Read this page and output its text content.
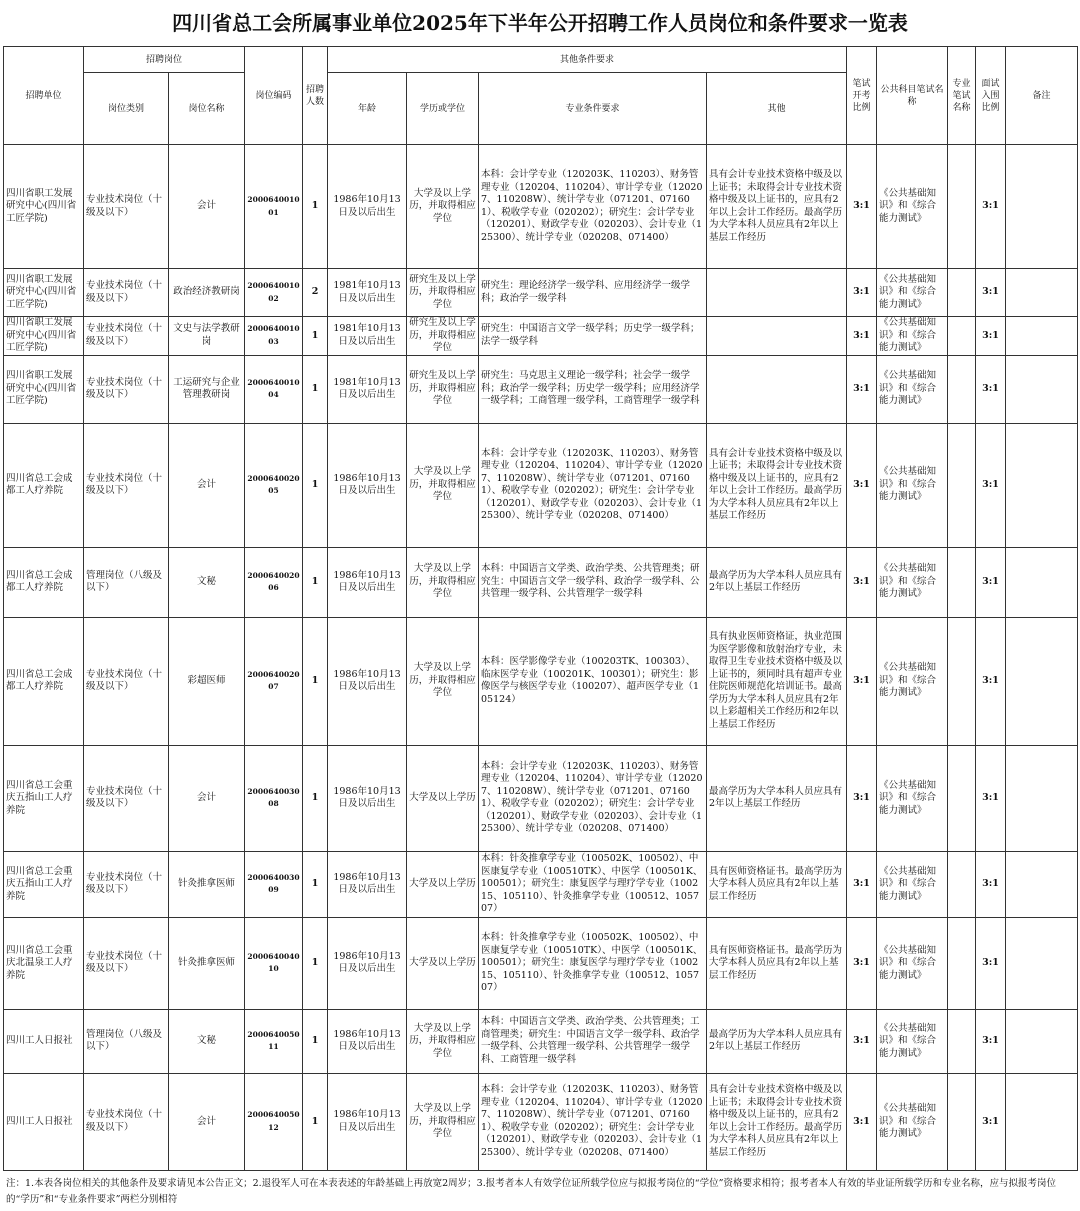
四川省总工会所属事业单位2025年下半年公开招聘工作人员岗位和条件要求一览表
招聘单位	招聘岗位		岗位编码	招聘人数	其他条件要求				笔试开考比例	公共科目笔试名称	专业笔试名称	面试入围比例	备注
	岗位类别	岗位名称			年龄	学历或学位	专业条件要求	其他					
四川省职工发展研究中心(四川省工匠学院)	专业技术岗位（十级及以下）	会计	200064001001	1	1986年10月13日及以后出生	大学及以上学历，并取得相应学位	本科：会计学专业（120203K、110203）、财务管理专业（120204、110204）、审计学专业（120207、110208W）、统计学专业（071201、071601）、税收学专业（020202）；研究生：会计学专业（120201）、财政学专业（020203）、会计专业（125300）、统计学专业（020208、071400）	具有会计专业技术资格中级及以上证书；未取得会计专业技术资格中级及以上证书的，应具有2年以上会计工作经历。最高学历为大学本科人员应具有2年以上基层工作经历	3:1	《公共基础知识》和《综合能力测试》		3:1	
四川省职工发展研究中心(四川省工匠学院)	专业技术岗位（十级及以下）	政治经济教研岗	200064001002	2	1981年10月13日及以后出生	研究生及以上学历，并取得相应学位	研究生：理论经济学一级学科、应用经济学一级学科；政治学一级学科		3:1	《公共基础知识》和《综合能力测试》		3:1	
四川省职工发展研究中心(四川省工匠学院)	专业技术岗位（十级及以下）	文史与法学教研岗	200064001003	1	1981年10月13日及以后出生	研究生及以上学历，并取得相应学位	研究生：中国语言文学一级学科；历史学一级学科；法学一级学科		3:1	《公共基础知识》和《综合能力测试》		3:1	
四川省职工发展研究中心(四川省工匠学院)	专业技术岗位（十级及以下）	工运研究与企业管理教研岗	200064001004	1	1981年10月13日及以后出生	研究生及以上学历，并取得相应学位	研究生：马克思主义理论一级学科；社会学一级学科；政治学一级学科；历史学一级学科；应用经济学一级学科；工商管理一级学科，工商管理学一级学科		3:1	《公共基础知识》和《综合能力测试》		3:1	
四川省总工会成都工人疗养院	专业技术岗位（十级及以下）	会计	200064002005	1	1986年10月13日及以后出生	大学及以上学历，并取得相应学位	本科：会计学专业（120203K、110203）、财务管理专业（120204、110204）、审计学专业（120207、110208W）、统计学专业（071201、071601）、税收学专业（020202）；研究生：会计学专业（120201）、财政学专业（020203）、会计专业（125300）、统计学专业（020208、071400）	具有会计专业技术资格中级及以上证书；未取得会计专业技术资格中级及以上证书的，应具有2年以上会计工作经历。最高学历为大学本科人员应具有2年以上基层工作经历	3:1	《公共基础知识》和《综合能力测试》		3:1	
四川省总工会成都工人疗养院	管理岗位（八级及以下）	文秘	200064002006	1	1986年10月13日及以后出生	大学及以上学历，并取得相应学位	本科：中国语言文学类、政治学类、公共管理类；研究生：中国语言文学一级学科、政治学一级学科、公共管理一级学科、公共管理学一级学科	最高学历为大学本科人员应具有2年以上基层工作经历	3:1	《公共基础知识》和《综合能力测试》		3:1	
四川省总工会成都工人疗养院	专业技术岗位（十级及以下）	彩超医师	200064002007	1	1986年10月13日及以后出生	大学及以上学历，并取得相应学位	本科：医学影像学专业（100203TK、100303）、临床医学专业（100201K、100301）；研究生：影像医学与核医学专业（100207）、超声医学专业（105124）	具有执业医师资格证，执业范围为医学影像和放射治疗专业，未取得卫生专业技术资格中级及以上证书的，须同时具有超声专业住院医师规范化培训证书。最高学历为大学本科人员应具有2年以上彩超相关工作经历和2年以上基层工作经历	3:1	《公共基础知识》和《综合能力测试》		3:1	
四川省总工会重庆五指山工人疗养院	专业技术岗位（十级及以下）	会计	200064003008	1	1986年10月13日及以后出生	大学及以上学历	本科：会计学专业（120203K、110203）、财务管理专业（120204、110204）、审计学专业（120207、110208W）、统计学专业（071201、071601）、税收学专业（020202）；研究生：会计学专业（120201）、财政学专业（020203）、会计专业（125300）、统计学专业（020208、071400）	最高学历为大学本科人员应具有2年以上基层工作经历	3:1	《公共基础知识》和《综合能力测试》		3:1	
四川省总工会重庆五指山工人疗养院	专业技术岗位（十级及以下）	针灸推拿医师	200064003009	1	1986年10月13日及以后出生	大学及以上学历	本科：针灸推拿学专业（100502K、100502）、中医康复学专业（100510TK）、中医学（100501K、100501）；研究生：康复医学与理疗学专业（100215、105110）、针灸推拿学专业（100512、105707）	具有医师资格证书。最高学历为大学本科人员应具有2年以上基层工作经历	3:1	《公共基础知识》和《综合能力测试》		3:1	
四川省总工会重庆北温泉工人疗养院	专业技术岗位（十级及以下）	针灸推拿医师	200064004010	1	1986年10月13日及以后出生	大学及以上学历	本科：针灸推拿学专业（100502K、100502）、中医康复学专业（100510TK）、中医学（100501K、100501）；研究生：康复医学与理疗学专业（100215、105110）、针灸推拿学专业（100512、105707）	具有医师资格证书。最高学历为大学本科人员应具有2年以上基层工作经历	3:1	《公共基础知识》和《综合能力测试》		3:1	
四川工人日报社	管理岗位（八级及以下）	文秘	200064005011	1	1986年10月13日及以后出生	大学及以上学历，并取得相应学位	本科：中国语言文学类、政治学类、公共管理类；工商管理类；研究生：中国语言文学一级学科、政治学一级学科、公共管理一级学科、公共管理学一级学科、工商管理一级学科	最高学历为大学本科人员应具有2年以上基层工作经历	3:1	《公共基础知识》和《综合能力测试》		3:1	
四川工人日报社	专业技术岗位（十级及以下）	会计	200064005012	1	1986年10月13日及以后出生	大学及以上学历，并取得相应学位	本科：会计学专业（120203K、110203）、财务管理专业（120204、110204）、审计学专业（120207、110208W）、统计学专业（071201、071601）、税收学专业（020202）；研究生：会计学专业（120201）、财政学专业（020203）、会计专业（125300）、统计学专业（020208、071400）	具有会计专业技术资格中级及以上证书；未取得会计专业技术资格中级及以上证书的，应具有2年以上会计工作经历。最高学历为大学本科人员应具有2年以上基层工作经历	3:1	《公共基础知识》和《综合能力测试》		3:1	
注：1.本表各岗位相关的其他条件及要求请见本公告正文；2.退役军人可在本表表述的年龄基础上再放宽2周岁；3.报考者本人有效学位证所载学位应与拟报考岗位的“学位”资格要求相符；报考者本人有效的毕业证所载学历和专业名称，应与拟报考岗位的“学历”和“专业条件要求”两栏分别相符
